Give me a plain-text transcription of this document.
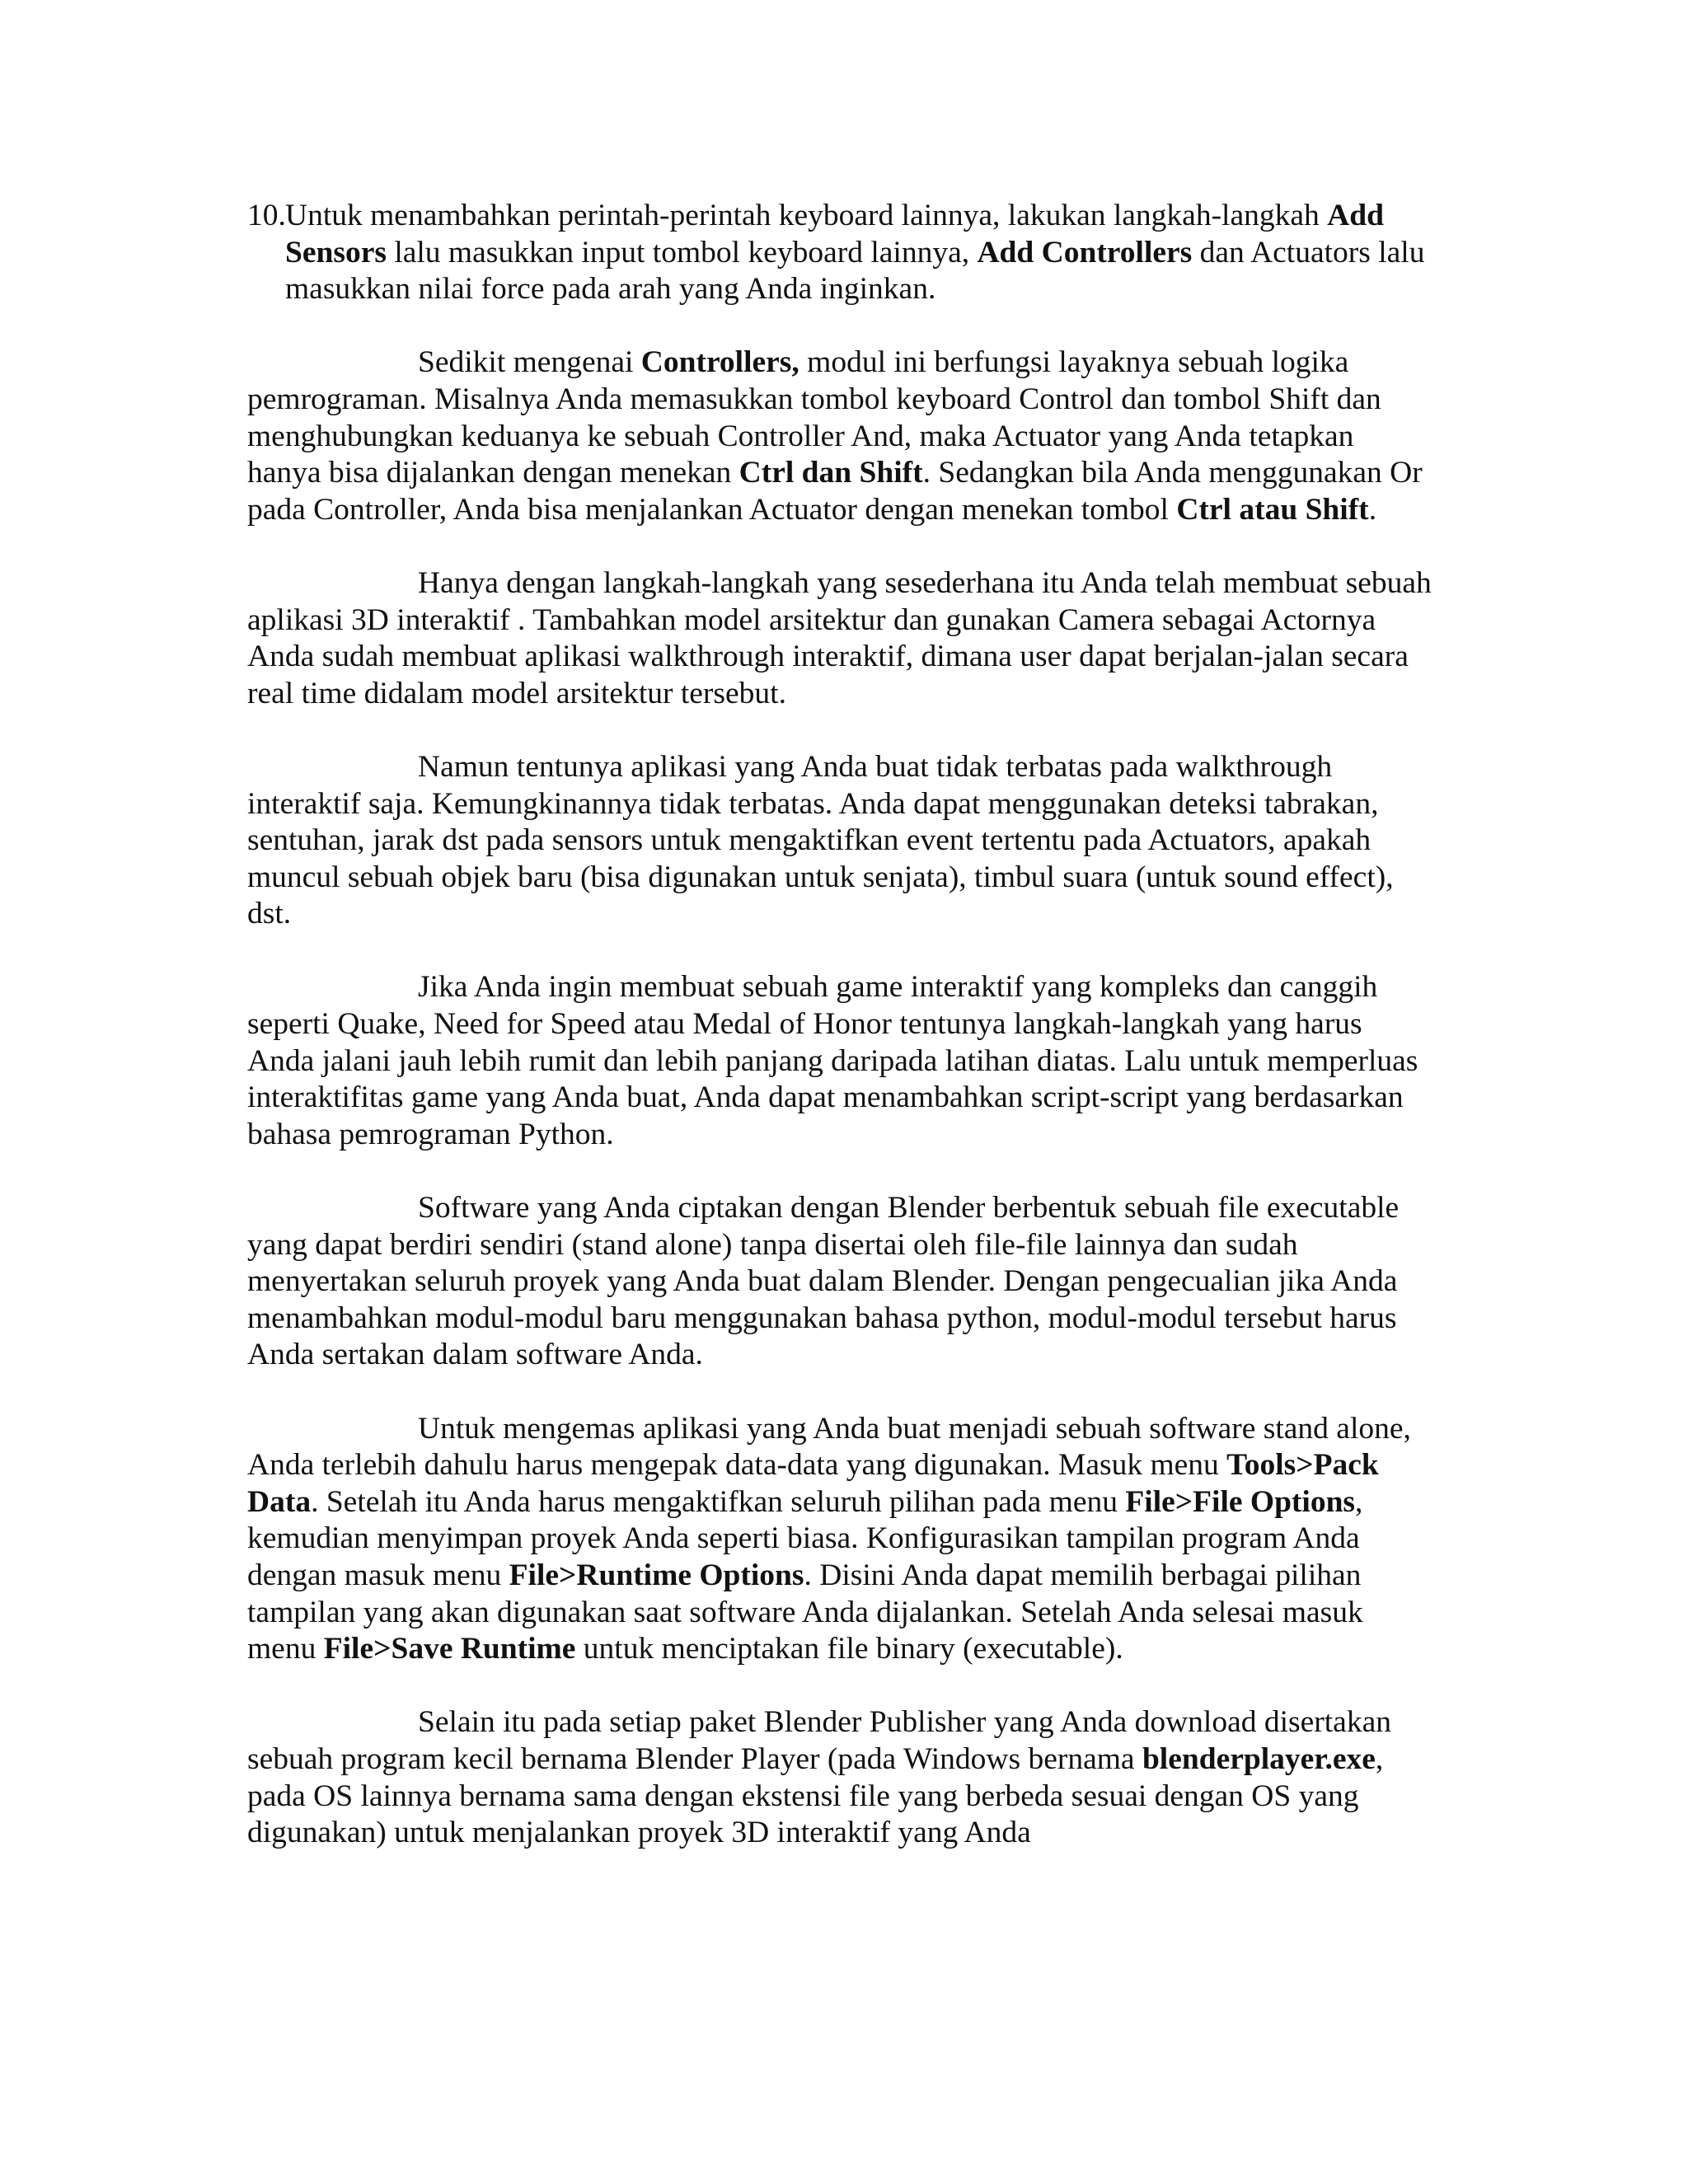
10. Untuk menambahkan perintah-perintah keyboard lainnya, lakukan langkah-langkah Add Sensors lalu masukkan input tombol keyboard lainnya, Add Controllers dan Actuators lalu masukkan nilai force pada arah yang Anda inginkan.

Sedikit mengenai Controllers, modul ini berfungsi layaknya sebuah logika pemrograman. Misalnya Anda memasukkan tombol keyboard Control dan tombol Shift dan menghubungkan keduanya ke sebuah Controller And, maka Actuator yang Anda tetapkan hanya bisa dijalankan dengan menekan Ctrl dan Shift. Sedangkan bila Anda menggunakan Or pada Controller, Anda bisa menjalankan Actuator dengan menekan tombol Ctrl atau Shift.

Hanya dengan langkah-langkah yang sesederhana itu Anda telah membuat sebuah aplikasi 3D interaktif . Tambahkan model arsitektur dan gunakan Camera sebagai Actornya Anda sudah membuat aplikasi walkthrough interaktif, dimana user dapat berjalan-jalan secara real time didalam model arsitektur tersebut.

Namun tentunya aplikasi yang Anda buat tidak terbatas pada walkthrough interaktif saja. Kemungkinannya tidak terbatas. Anda dapat menggunakan deteksi tabrakan, sentuhan, jarak dst pada sensors untuk mengaktifkan event tertentu pada Actuators, apakah muncul sebuah objek baru (bisa digunakan untuk senjata), timbul suara (untuk sound effect), dst.

Jika Anda ingin membuat sebuah game interaktif yang kompleks dan canggih seperti Quake, Need for Speed atau Medal of Honor tentunya langkah-langkah yang harus Anda jalani jauh lebih rumit dan lebih panjang daripada latihan diatas. Lalu untuk memperluas interaktifitas game yang Anda buat, Anda dapat menambahkan script-script yang berdasarkan bahasa pemrograman Python.

Software yang Anda ciptakan dengan Blender berbentuk sebuah file executable yang dapat berdiri sendiri (stand alone) tanpa disertai oleh file-file lainnya dan sudah menyertakan seluruh proyek yang Anda buat dalam Blender. Dengan pengecualian jika Anda menambahkan modul-modul baru menggunakan bahasa python, modul-modul tersebut harus Anda sertakan dalam software Anda.

Untuk mengemas aplikasi yang Anda buat menjadi sebuah software stand alone, Anda terlebih dahulu harus mengepak data-data yang digunakan. Masuk menu Tools>Pack Data. Setelah itu Anda harus mengaktifkan seluruh pilihan pada menu File>File Options, kemudian menyimpan proyek Anda seperti biasa. Konfigurasikan tampilan program Anda dengan masuk menu File>Runtime Options. Disini Anda dapat memilih berbagai pilihan tampilan yang akan digunakan saat software Anda dijalankan. Setelah Anda selesai masuk menu File>Save Runtime untuk menciptakan file binary (executable).

Selain itu pada setiap paket Blender Publisher yang Anda download disertakan sebuah program kecil bernama Blender Player (pada Windows bernama blenderplayer.exe, pada OS lainnya bernama sama dengan ekstensi file yang berbeda sesuai dengan OS yang digunakan) untuk menjalankan proyek 3D interaktif yang Anda
